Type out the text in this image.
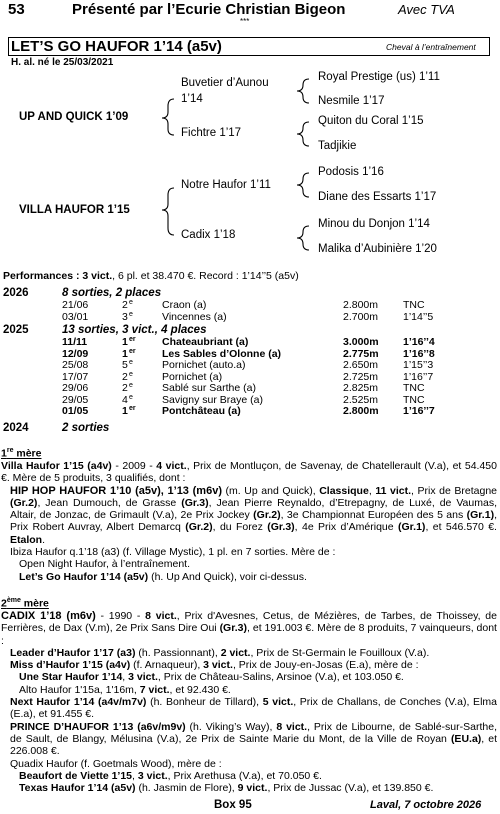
53	Présenté par l’Ecurie Christian Bigeon	Avec TVA
***
LET’S GO HAUFOR 1’14 (a5v)	Cheval à l’entraînement
H. al. né le 25/03/2021
UP AND QUICK 1’09
VILLA HAUFOR 1’15
Buvetier d’Aunou 1’14
Fichtre 1’17
Notre Haufor 1’11
Cadix 1’18
Royal Prestige (us) 1’11
Nesmile 1’17
Quiton du Coral 1’15
Tadjikie
Podosis 1’16
Diane des Essarts 1’17
Minou du Donjon 1’14
Malika d’Aubinière 1’20
Performances : 3 vict., 6 pl. et 38.470 €. Record : 1’14’’5 (a5v)
2026	8 sorties, 2 places
21/06	2 e	Craon (a)	2.800m TNC
03/01	3 e	Vincennes (a)	2.700m 1’14’’5
2025	13 sorties, 3 vict., 4 places
11/11	1 er	Chateaubriant (a)	3.000m 1’16’’4
12/09	1 er	Les Sables d’Olonne (a)	2.775m 1’16’’8
25/08	5 e	Pornichet (auto.a)	2.650m 1’15’’3
17/07	2 e	Pornichet (a)	2.725m 1’16’’7
29/06	2 e	Sablé sur Sarthe (a)	2.825m TNC
29/05	4 e	Savigny sur Braye (a)	2.525m TNC
01/05	1 er	Pontchâteau (a)	2.800m 1’16’’7
2024	2 sorties
1re mère

Villa Haufor 1’15 (a4v) - 2009 - 4 vict., Prix de Montluçon, de Savenay, de Chatellerault (V.a), et 54.450 €. Mère de 5 produits, 3 qualifiés, dont :

HIP HOP HAUFOR 1’10 (a5v), 1’13 (m6v) (m. Up and Quick), Classique, 11 vict., Prix de Bretagne (Gr.2), Jean Dumouch, de Grasse (Gr.3), Jean Pierre Reynaldo, d’Etrepagny, de Luxé, de Vaumas, Altair, de Jonzac, de Grimault (V.a), 2e Prix Jockey (Gr.2), 3e Championnat Européen des 5 ans (Gr.1), Prix Robert Auvray, Albert Demarcq (Gr.2), du Forez (Gr.3), 4e Prix d’Amérique (Gr.1), et 546.570 €. Etalon.

Ibiza Haufor q.1’18 (a3) (f. Village Mystic), 1 pl. en 7 sorties. Mère de :

Open Night Haufor, à l’entraînement.

Let’s Go Haufor 1’14 (a5v) (h. Up And Quick), voir ci-dessus.

2ème mère

CADIX 1’18 (m6v) - 1990 - 8 vict., Prix d'Avesnes, Cetus, de Mézières, de Tarbes, de Thoissey, de Ferrières, de Dax (V.m), 2e Prix Sans Dire Oui (Gr.3), et 191.003 €. Mère de 8 produits, 7 vainqueurs, dont :

Leader d’Haufor 1’17 (a3) (h. Passionnant), 2 vict., Prix de St-Germain le Fouilloux (V.a).

Miss d’Haufor 1’15 (a4v) (f. Arnaqueur), 3 vict., Prix de Jouy-en-Josas (E.a), mère de :

Une Star Haufor 1’14, 3 vict., Prix de Château-Salins, Arsinoe (V.a), et 103.050 €.

Alto Haufor 1'15a, 1'16m, 7 vict., et 92.430 €.

Next Haufor 1’14 (a4v/m7v) (h. Bonheur de Tillard), 5 vict., Prix de Challans, de Conches (V.a), Elma (E.a), et 91.455 €.

PRINCE D’HAUFOR 1’13 (a6v/m9v) (h. Viking’s Way), 8 vict., Prix de Libourne, de Sablé-sur-Sarthe, de Sault, de Blangy, Mélusina (V.a), 2e Prix de Sainte Marie du Mont, de la Ville de Royan (EU.a), et 226.008 €.

Quadix Haufor (f. Goetmals Wood), mère de :

Beaufort de Viette 1’15, 3 vict., Prix Arethusa (V.a), et 70.050 €.

Texas Haufor 1’14 (a5v) (h. Jasmin de Flore), 9 vict., Prix de Jussac (V.a), et 139.850 €.

Box 95	Laval, 7 octobre 2026
